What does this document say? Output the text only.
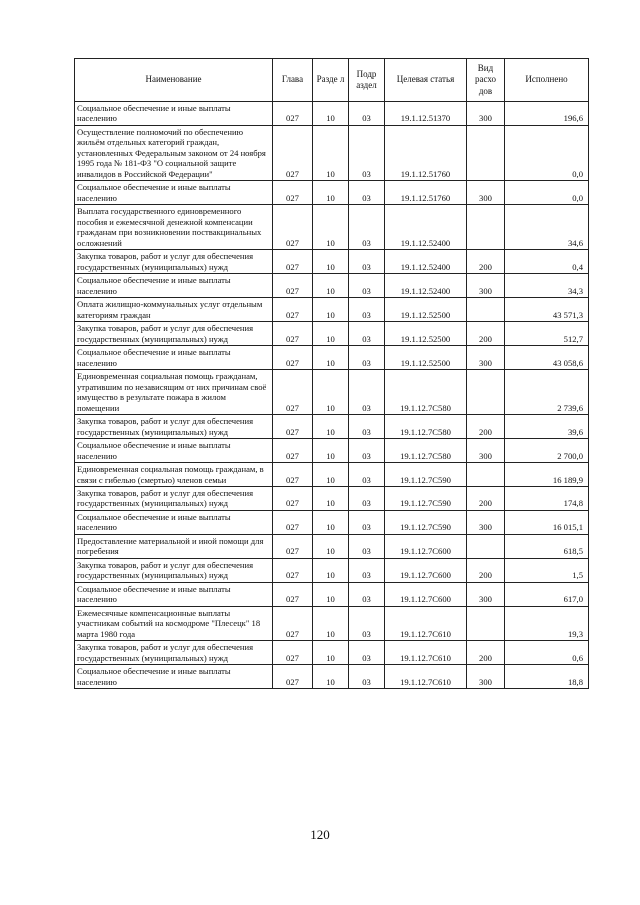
Наименование	Глава	Разде л	Подр аздел	Целевая статья	Вид расхо дов	Исполнено
Социальное обеспечение и иные выплаты населению	027	10	03	19.1.12.51370	300	196,6
Осуществление полномочий по обеспечению жильём отдельных категорий граждан, установленных Федеральным законом от 24 ноября 1995 года № 181-ФЗ "О социальной защите инвалидов в Российской Федерации"	027	10	03	19.1.12.51760		0,0
Социальное обеспечение и иные выплаты населению	027	10	03	19.1.12.51760	300	0,0
Выплата государственного единовременного пособия и ежемесячной денежной компенсации гражданам при возникновении поствакцинальных осложнений	027	10	03	19.1.12.52400		34,6
Закупка товаров, работ и услуг для обеспечения государственных (муниципальных) нужд	027	10	03	19.1.12.52400	200	0,4
Социальное обеспечение и иные выплаты населению	027	10	03	19.1.12.52400	300	34,3
Оплата жилищно-коммунальных услуг отдельным категориям граждан	027	10	03	19.1.12.52500		43 571,3
Закупка товаров, работ и услуг для обеспечения государственных (муниципальных) нужд	027	10	03	19.1.12.52500	200	512,7
Социальное обеспечение и иные выплаты населению	027	10	03	19.1.12.52500	300	43 058,6
Единовременная социальная помощь гражданам, утратившим по независящим от них причинам своё имущество в результате пожара в жилом помещении	027	10	03	19.1.12.7С580		2 739,6
Закупка товаров, работ и услуг для обеспечения государственных (муниципальных) нужд	027	10	03	19.1.12.7С580	200	39,6
Социальное обеспечение и иные выплаты населению	027	10	03	19.1.12.7С580	300	2 700,0
Единовременная социальная помощь гражданам, в связи с гибелью (смертью) членов семьи	027	10	03	19.1.12.7С590		16 189,9
Закупка товаров, работ и услуг для обеспечения государственных (муниципальных) нужд	027	10	03	19.1.12.7С590	200	174,8
Социальное обеспечение и иные выплаты населению	027	10	03	19.1.12.7С590	300	16 015,1
Предоставление материальной и иной помощи для погребения	027	10	03	19.1.12.7С600		618,5
Закупка товаров, работ и услуг для обеспечения государственных (муниципальных) нужд	027	10	03	19.1.12.7С600	200	1,5
Социальное обеспечение и иные выплаты населению	027	10	03	19.1.12.7С600	300	617,0
Ежемесячные компенсационные выплаты участникам событий на космодроме "Плесецк" 18 марта 1980 года	027	10	03	19.1.12.7С610		19,3
Закупка товаров, работ и услуг для обеспечения государственных (муниципальных) нужд	027	10	03	19.1.12.7С610	200	0,6
Социальное обеспечение и иные выплаты населению	027	10	03	19.1.12.7С610	300	18,8
120
